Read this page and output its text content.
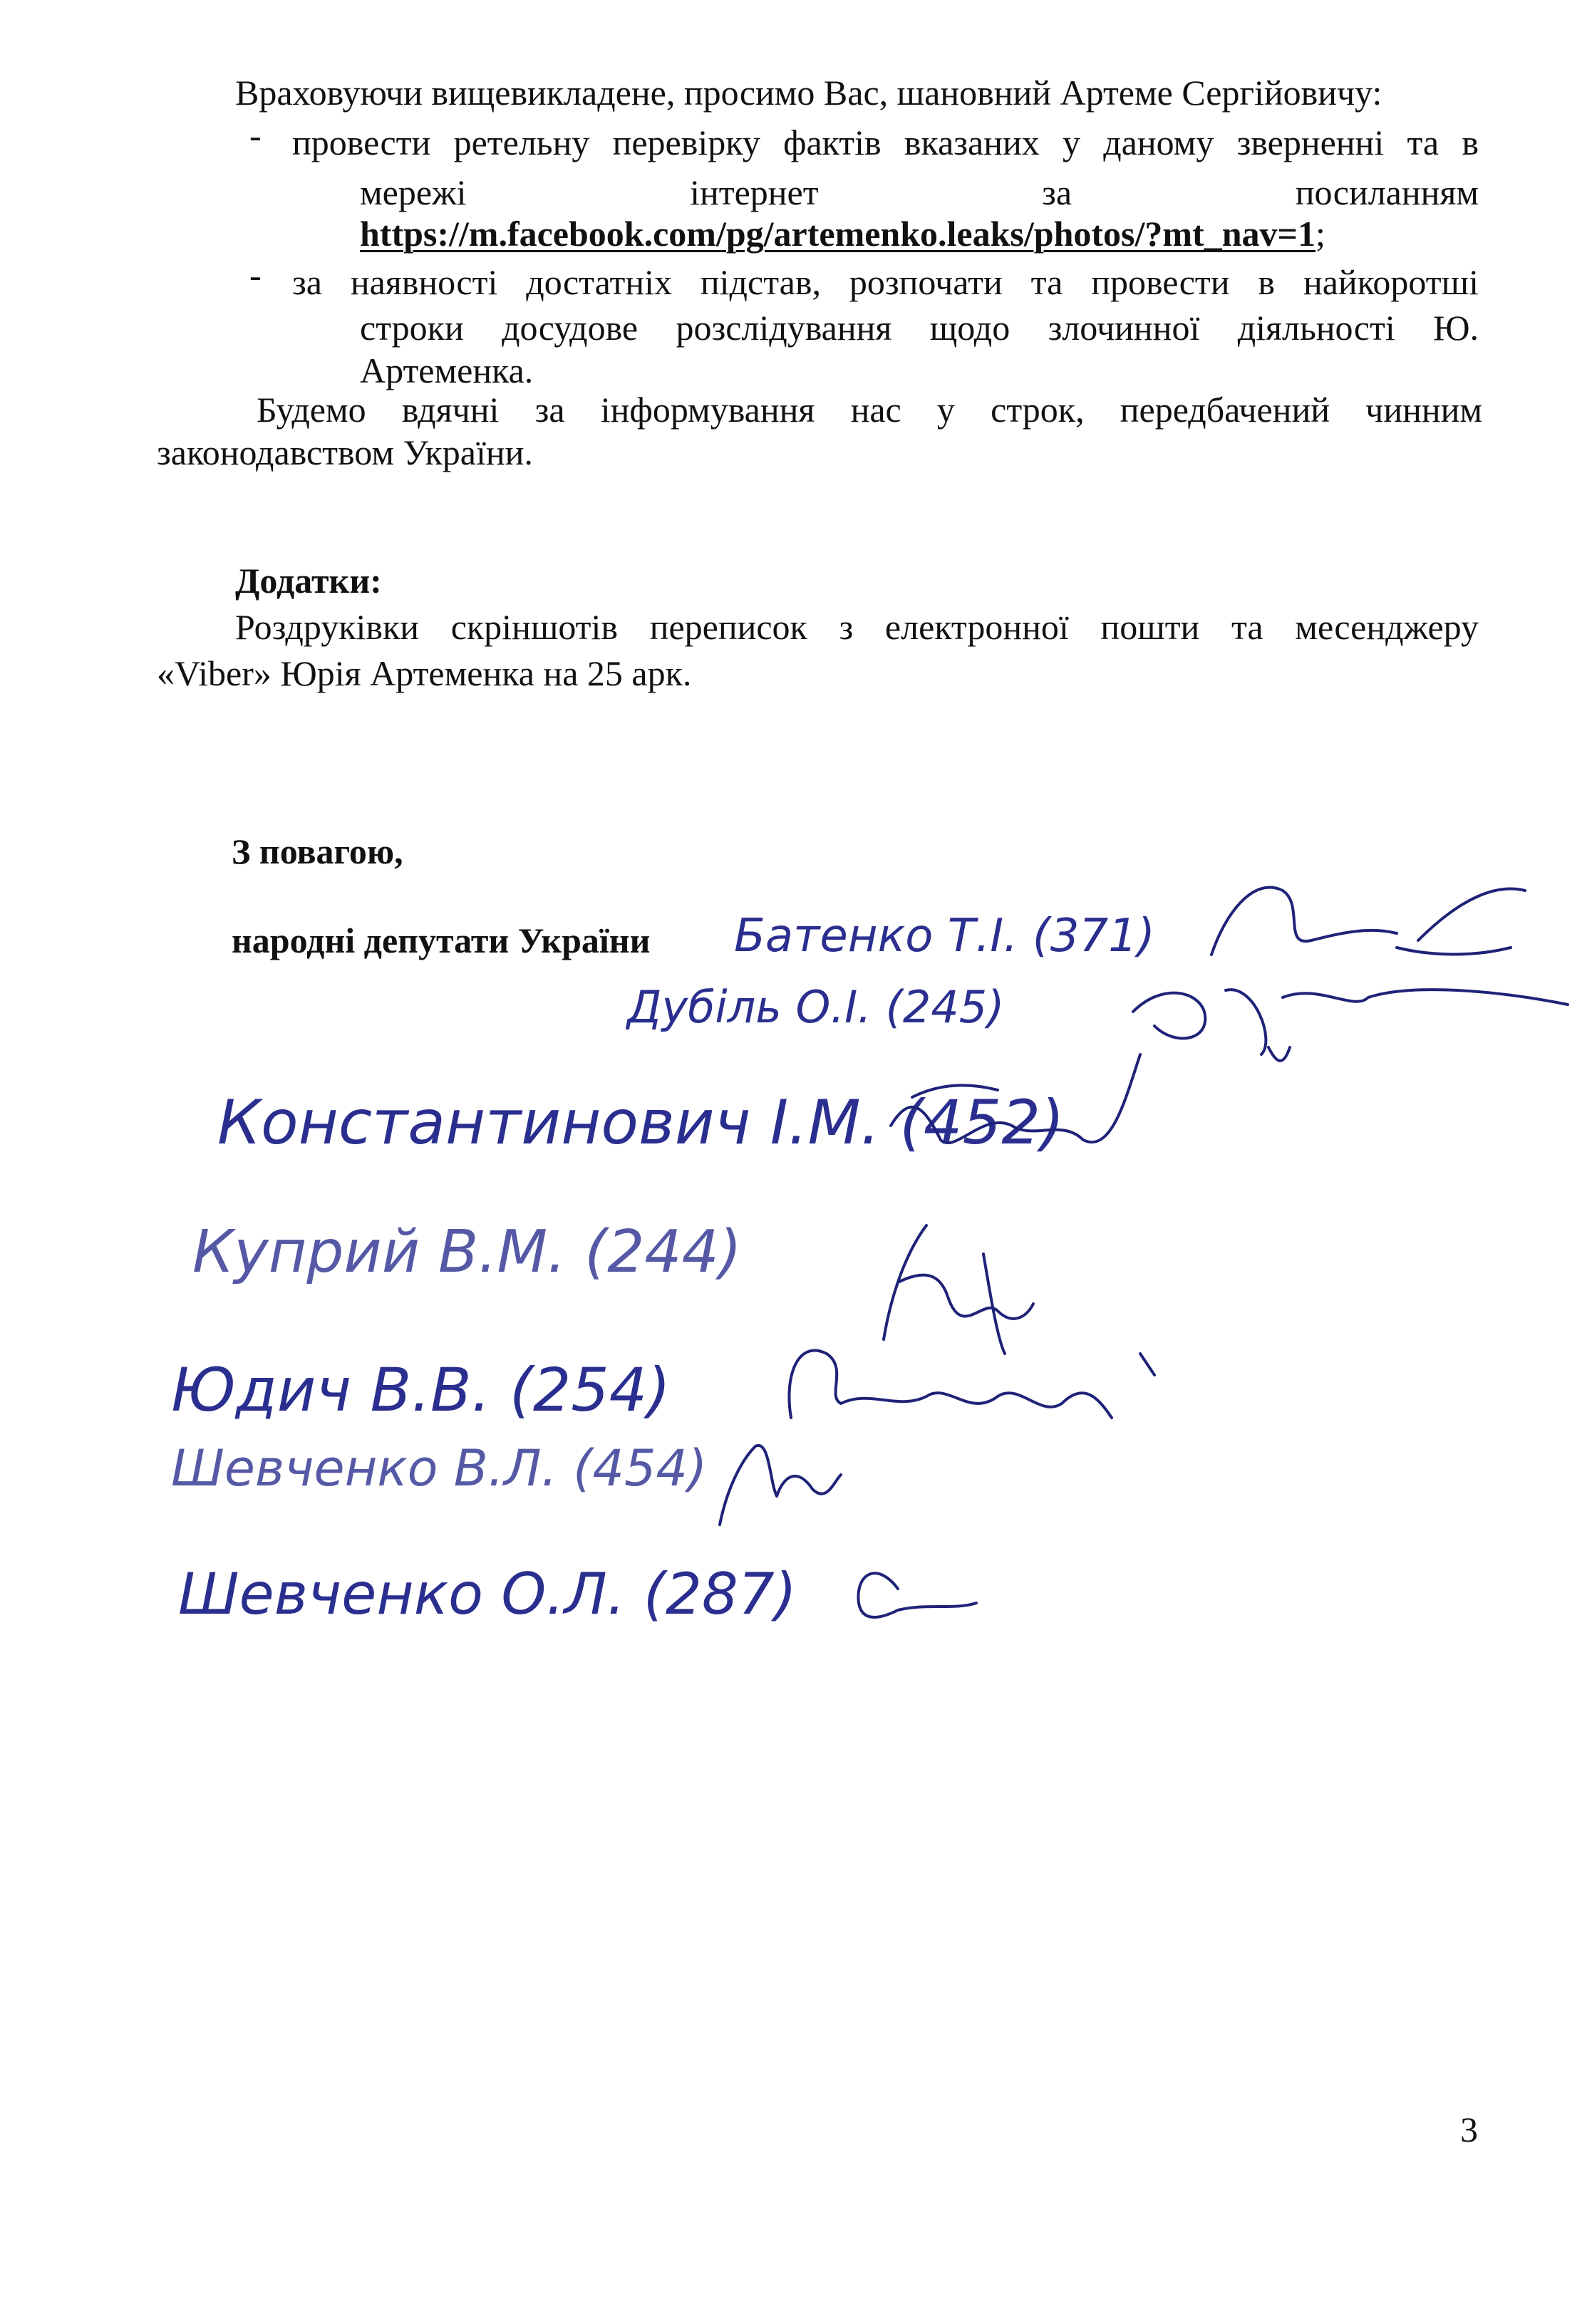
Враховуючи вищевикладене, просимо Вас, шановний Артеме Сергійовичу:
- провести ретельну перевірку фактів вказаних у даному зверненні та в
мережі інтернет за посиланням
https://m.facebook.com/pg/artemenko.leaks/photos/?mt_nav=1;
- за наявності достатніх підстав, розпочати та провести в найкоротші
строки досудове розслідування щодо злочинної діяльності Ю.
Артеменка.
Будемо вдячні за інформування нас у строк, передбачений чинним
законодавством України.
Додатки:
Роздруківки скріншотів переписок з електронної пошти та месенджеру
«Viber» Юрія Артеменка на 25 арк.
З повагою,
народні депутати України Батенко Т.І. (371)
Дубіль О.І. (245)
Константинович І.М. (452)
Куприй В.М. (244)
Юдич В.В. (254)
Шевченко В.Л. (454)
Шевченко О.Л. (287)
3
